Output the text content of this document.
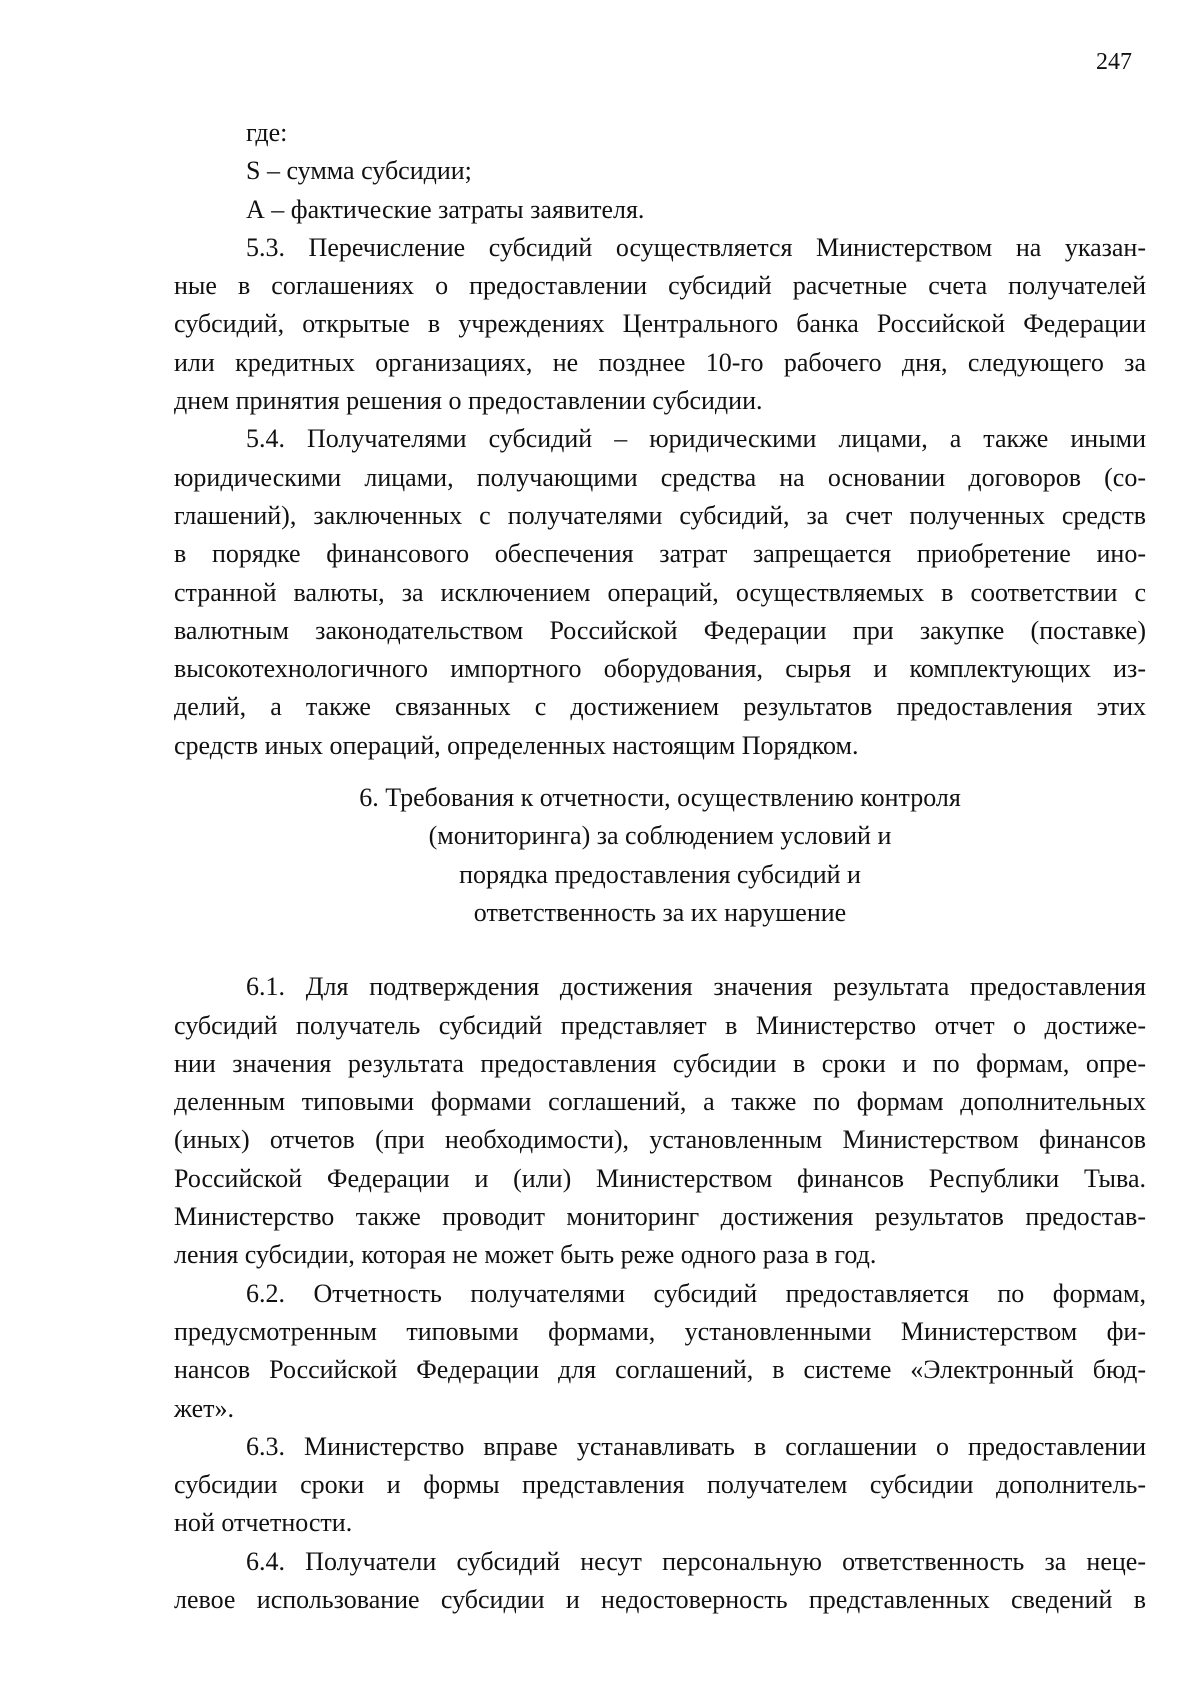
247
где:
S – сумма субсидии;
А – фактические затраты заявителя.
5.3. Перечисление субсидий осуществляется Министерством на указан-
ные в соглашениях о предоставлении субсидий расчетные счета получателей
субсидий, открытые в учреждениях Центрального банка Российской Федерации
или кредитных организациях, не позднее 10-го рабочего дня, следующего за
днем принятия решения о предоставлении субсидии.
5.4. Получателями субсидий – юридическими лицами, а также иными
юридическими лицами, получающими средства на основании договоров (со-
глашений), заключенных с получателями субсидий, за счет полученных средств
в порядке финансового обеспечения затрат запрещается приобретение ино-
странной валюты, за исключением операций, осуществляемых в соответствии с
валютным законодательством Российской Федерации при закупке (поставке)
высокотехнологичного импортного оборудования, сырья и комплектующих из-
делий, а также связанных с достижением результатов предоставления этих
средств иных операций, определенных настоящим Порядком.
6. Требования к отчетности, осуществлению контроля
(мониторинга) за соблюдением условий и
порядка предоставления субсидий и
ответственность за их нарушение
6.1. Для подтверждения достижения значения результата предоставления
субсидий получатель субсидий представляет в Министерство отчет о достиже-
нии значения результата предоставления субсидии в сроки и по формам, опре-
деленным типовыми формами соглашений, а также по формам дополнительных
(иных) отчетов (при необходимости), установленным Министерством финансов
Российской Федерации и (или) Министерством финансов Республики Тыва.
Министерство также проводит мониторинг достижения результатов предостав-
ления субсидии, которая не может быть реже одного раза в год.
6.2. Отчетность получателями субсидий предоставляется по формам,
предусмотренным типовыми формами, установленными Министерством фи-
нансов Российской Федерации для соглашений, в системе «Электронный бюд-
жет».
6.3. Министерство вправе устанавливать в соглашении о предоставлении
субсидии сроки и формы представления получателем субсидии дополнитель-
ной отчетности.
6.4. Получатели субсидий несут персональную ответственность за неце-
левое использование субсидии и недостоверность представленных сведений в
